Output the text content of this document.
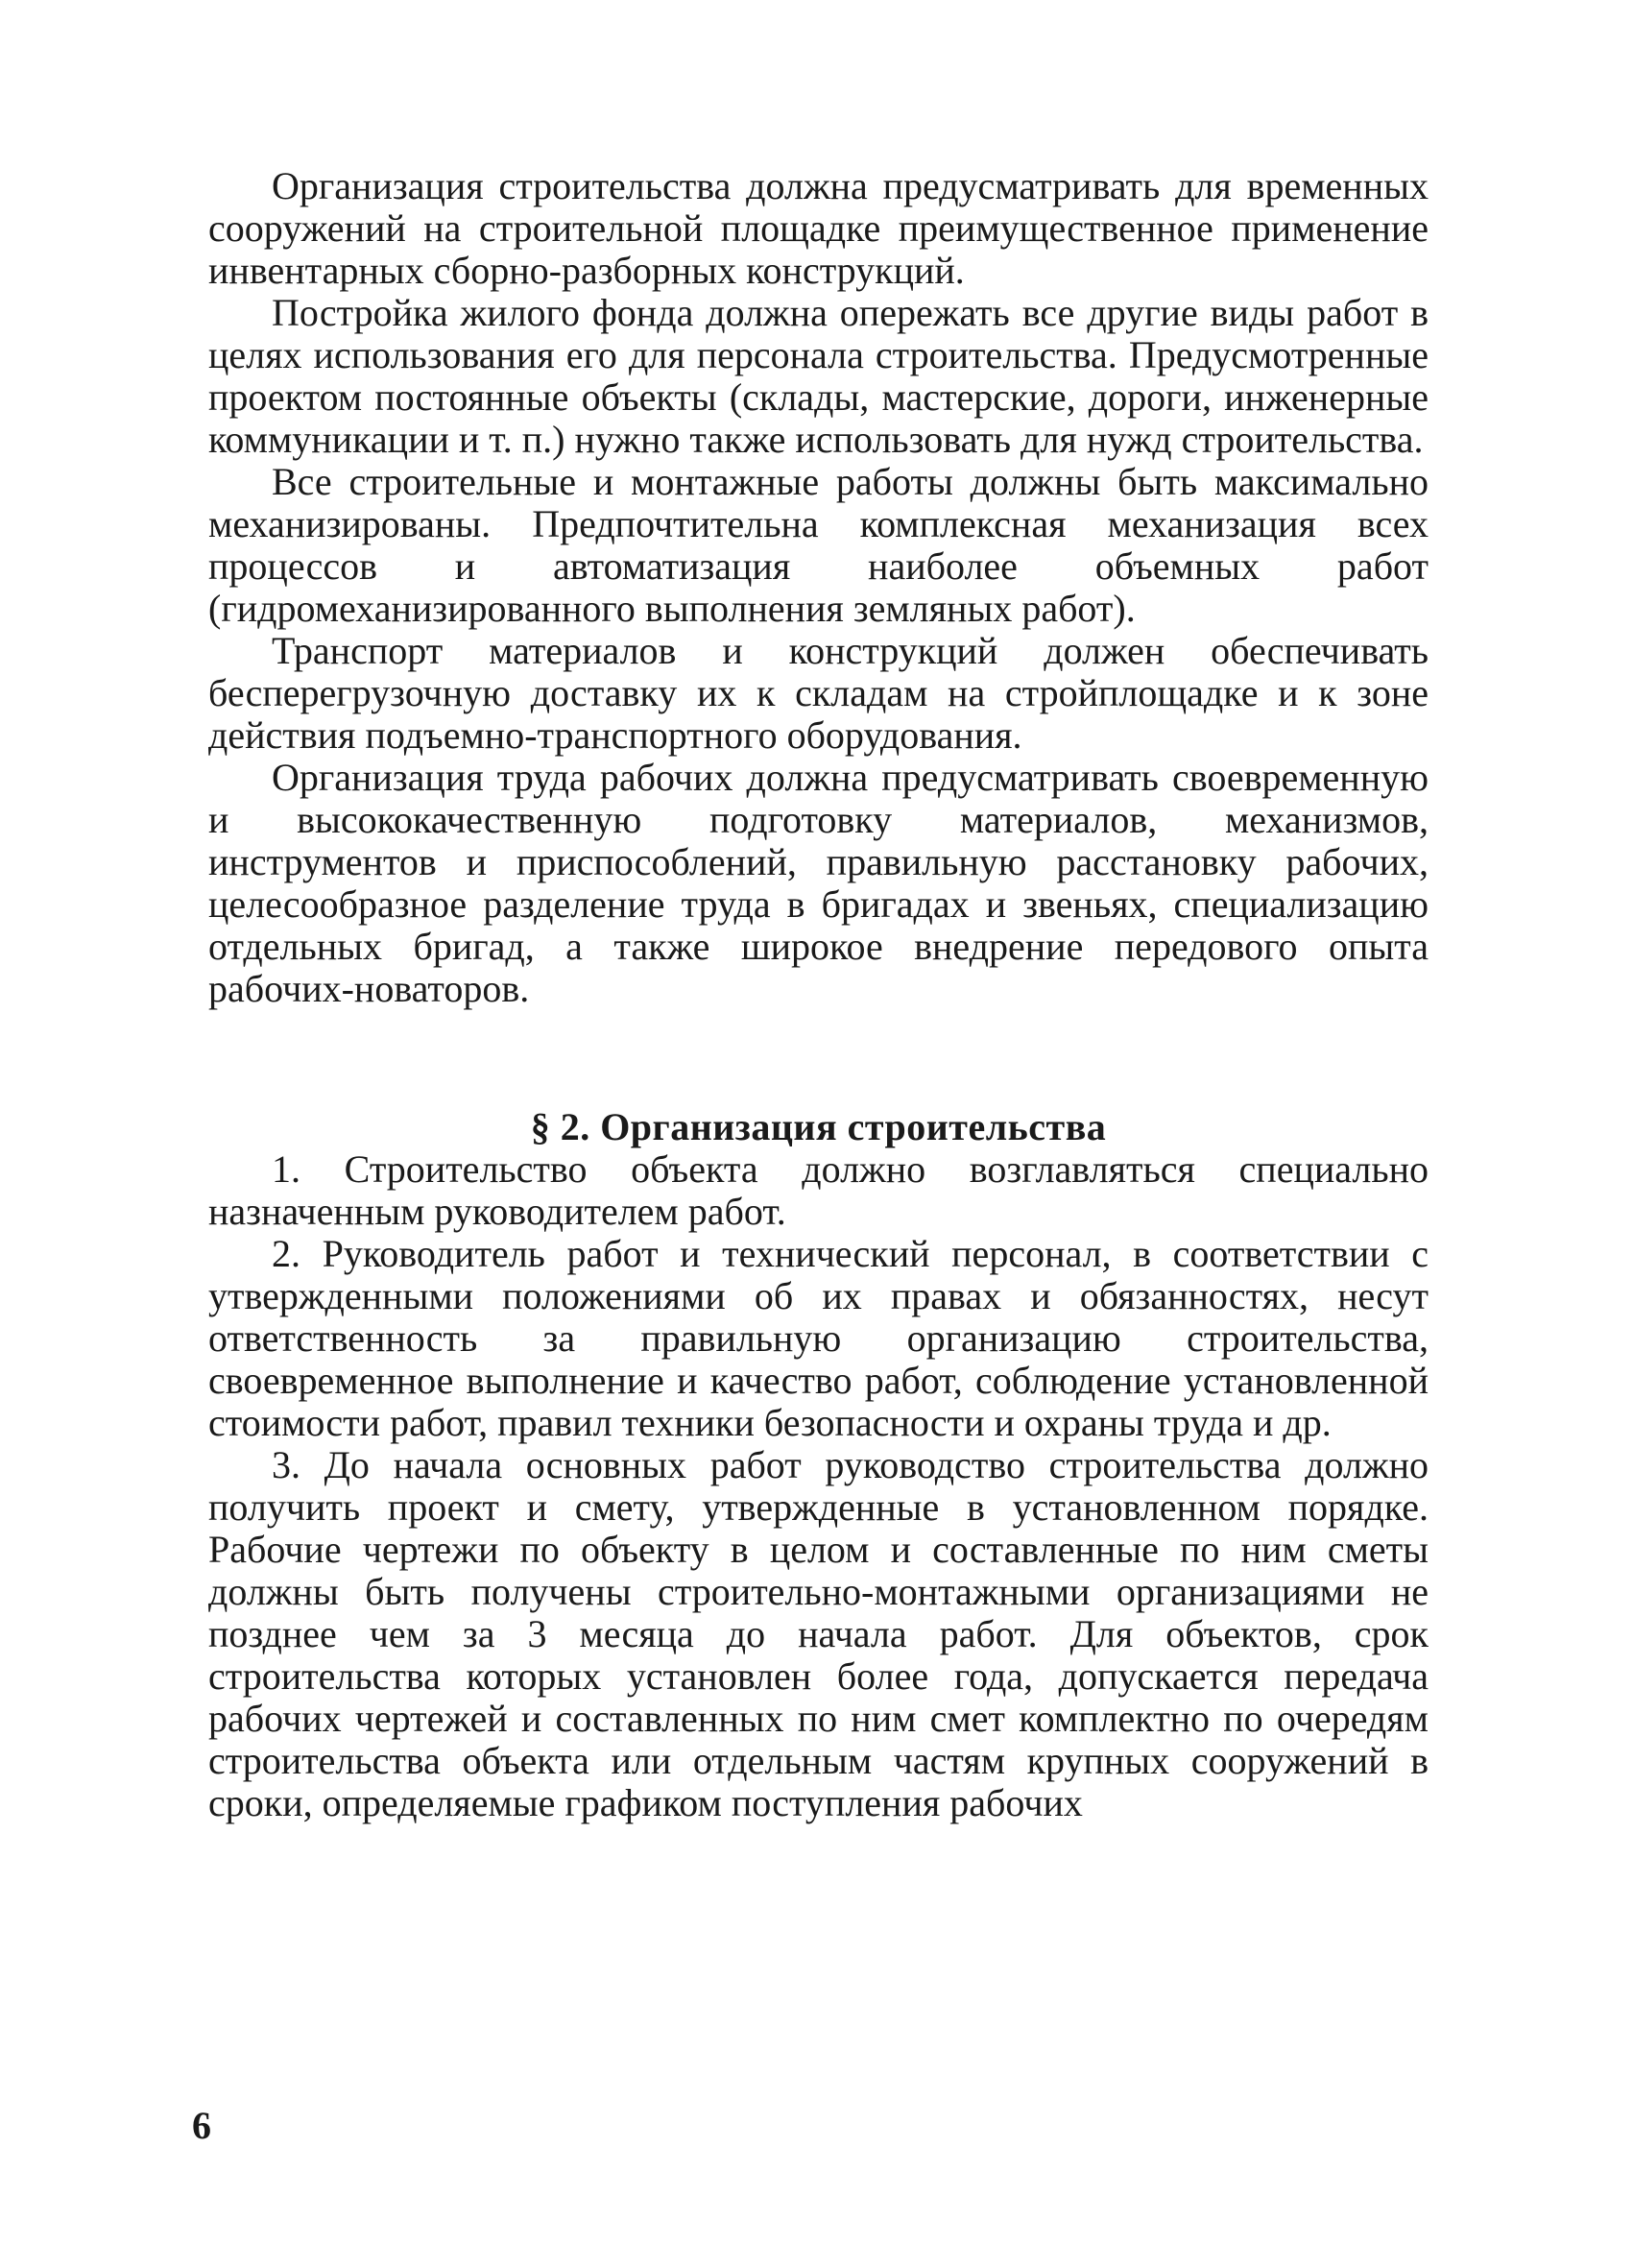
Организация строительства должна предусматривать для временных сооружений на строительной площадке преимущественное применение инвентарных сборно-разборных конструкций.

Постройка жилого фонда должна опережать все другие виды работ в целях использования его для персонала строительства. Предусмотренные проектом постоянные объекты (склады, мастерские, дороги, инженерные коммуникации и т. п.) нужно также использовать для нужд строительства.

Все строительные и монтажные работы должны быть максимально механизированы. Предпочтительна комплексная механизация всех процессов и автоматизация наиболее объемных работ (гидромеханизированного выполнения земляных работ).

Транспорт материалов и конструкций должен обеспечивать бесперегрузочную доставку их к складам на стройплощадке и к зоне действия подъемно-транспортного оборудования.

Организация труда рабочих должна предусматривать своевременную и высококачественную подготовку материалов, механизмов, инструментов и приспособлений, правильную расстановку рабочих, целесообразное разделение труда в бригадах и звеньях, специализацию отдельных бригад, а также широкое внедрение передового опыта рабочих-новаторов.

§ 2. Организация строительства

1. Строительство объекта должно возглавляться специально назначенным руководителем работ.

2. Руководитель работ и технический персонал, в соответствии с утвержденными положениями об их правах и обязанностях, несут ответственность за правильную организацию строительства, своевременное выполнение и качество работ, соблюдение установленной стоимости работ, правил техники безопасности и охраны труда и др.

3. До начала основных работ руководство строительства должно получить проект и смету, утвержденные в установленном порядке. Рабочие чертежи по объекту в целом и составленные по ним сметы должны быть получены строительно-монтажными организациями не позднее чем за 3 месяца до начала работ. Для объектов, срок строительства которых установлен более года, допускается передача рабочих чертежей и составленных по ним смет комплектно по очередям строительства объекта или отдельным частям крупных сооружений в сроки, определяемые графиком поступления рабочих

6
